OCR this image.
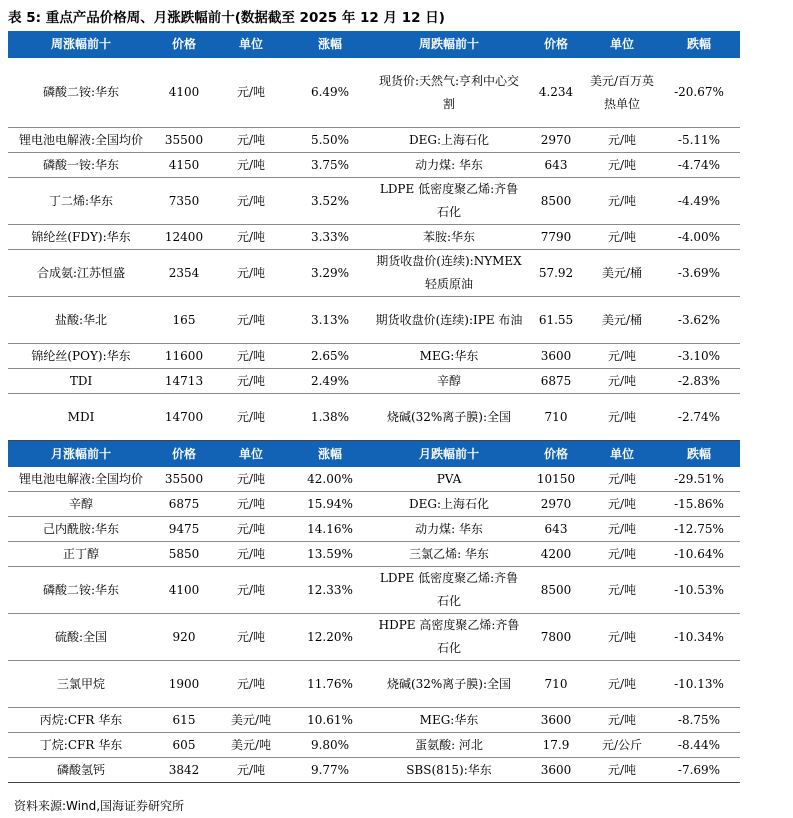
表 5: 重点产品价格周、月涨跌幅前十(数据截至 2025 年 12 月 12 日)
周涨幅前十	价格	单位	涨幅	周跌幅前十	价格	单位	跌幅
磷酸二铵:华东	4100	元/吨	6.49%	现货价:天然气:亨利中心交割	4.234	美元/百万英热单位	-20.67%
锂电池电解液:全国均价	35500	元/吨	5.50%	DEG:上海石化	2970	元/吨	-5.11%
磷酸一铵:华东	4150	元/吨	3.75%	动力煤: 华东	643	元/吨	-4.74%
丁二烯:华东	7350	元/吨	3.52%	LDPE 低密度聚乙烯:齐鲁石化	8500	元/吨	-4.49%
锦纶丝(FDY):华东	12400	元/吨	3.33%	苯胺:华东	7790	元/吨	-4.00%
合成氨:江苏恒盛	2354	元/吨	3.29%	期货收盘价(连续):NYMEX 轻质原油	57.92	美元/桶	-3.69%
盐酸:华北	165	元/吨	3.13%	期货收盘价(连续):IPE 布油	61.55	美元/桶	-3.62%
锦纶丝(POY):华东	11600	元/吨	2.65%	MEG:华东	3600	元/吨	-3.10%
TDI	14713	元/吨	2.49%	辛醇	6875	元/吨	-2.83%
MDI	14700	元/吨	1.38%	烧碱(32%离子膜):全国	710	元/吨	-2.74%
月涨幅前十	价格	单位	涨幅	月跌幅前十	价格	单位	跌幅
锂电池电解液:全国均价	35500	元/吨	42.00%	PVA	10150	元/吨	-29.51%
辛醇	6875	元/吨	15.94%	DEG:上海石化	2970	元/吨	-15.86%
己内酰胺:华东	9475	元/吨	14.16%	动力煤: 华东	643	元/吨	-12.75%
正丁醇	5850	元/吨	13.59%	三氯乙烯: 华东	4200	元/吨	-10.64%
磷酸二铵:华东	4100	元/吨	12.33%	LDPE 低密度聚乙烯:齐鲁石化	8500	元/吨	-10.53%
硫酸:全国	920	元/吨	12.20%	HDPE 高密度聚乙烯:齐鲁石化	7800	元/吨	-10.34%
三氯甲烷	1900	元/吨	11.76%	烧碱(32%离子膜):全国	710	元/吨	-10.13%
丙烷:CFR 华东	615	美元/吨	10.61%	MEG:华东	3600	元/吨	-8.75%
丁烷:CFR 华东	605	美元/吨	9.80%	蛋氨酸: 河北	17.9	元/公斤	-8.44%
磷酸氢钙	3842	元/吨	9.77%	SBS(815):华东	3600	元/吨	-7.69%
资料来源:Wind,国海证券研究所
